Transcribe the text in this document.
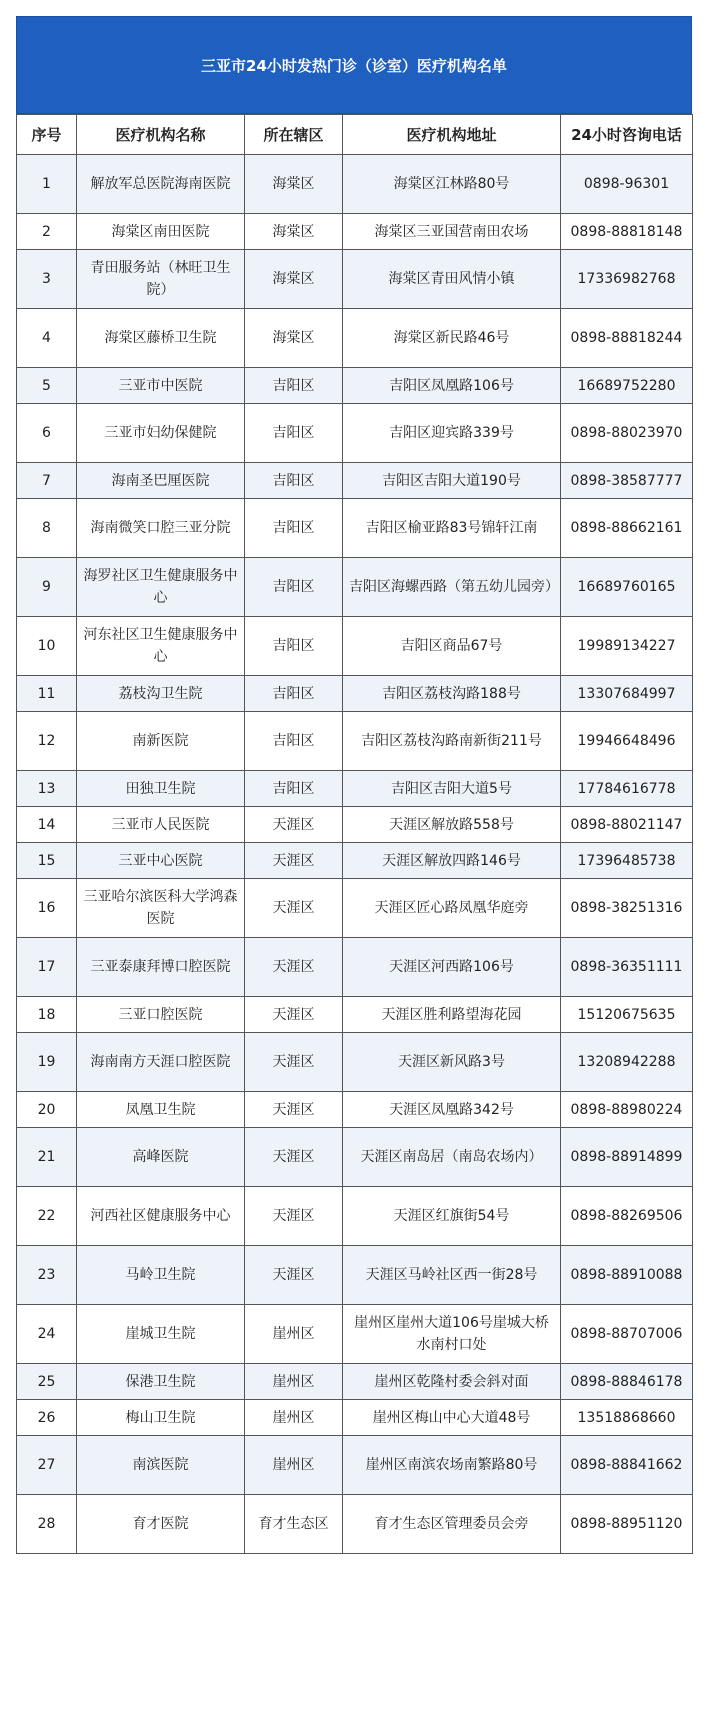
三亚市24小时发热门诊（诊室）医疗机构名单
序号	医疗机构名称	所在辖区	医疗机构地址	24小时咨询电话
1	解放军总医院海南医院	海棠区	海棠区江林路80号	0898-96301
2	海棠区南田医院	海棠区	海棠区三亚国营南田农场	0898-88818148
3	青田服务站（林旺卫生院）	海棠区	海棠区青田风情小镇	17336982768
4	海棠区藤桥卫生院	海棠区	海棠区新民路46号	0898-88818244
5	三亚市中医院	吉阳区	吉阳区凤凰路106号	16689752280
6	三亚市妇幼保健院	吉阳区	吉阳区迎宾路339号	0898-88023970
7	海南圣巴厘医院	吉阳区	吉阳区吉阳大道190号	0898-38587777
8	海南微笑口腔三亚分院	吉阳区	吉阳区榆亚路83号锦轩江南	0898-88662161
9	海罗社区卫生健康服务中心	吉阳区	吉阳区海螺西路（第五幼儿园旁）	16689760165
10	河东社区卫生健康服务中心	吉阳区	吉阳区商品67号	19989134227
11	荔枝沟卫生院	吉阳区	吉阳区荔枝沟路188号	13307684997
12	南新医院	吉阳区	吉阳区荔枝沟路南新街211号	19946648496
13	田独卫生院	吉阳区	吉阳区吉阳大道5号	17784616778
14	三亚市人民医院	天涯区	天涯区解放路558号	0898-88021147
15	三亚中心医院	天涯区	天涯区解放四路146号	17396485738
16	三亚哈尔滨医科大学鸿森医院	天涯区	天涯区匠心路凤凰华庭旁	0898-38251316
17	三亚泰康拜博口腔医院	天涯区	天涯区河西路106号	0898-36351111
18	三亚口腔医院	天涯区	天涯区胜利路望海花园	15120675635
19	海南南方天涯口腔医院	天涯区	天涯区新风路3号	13208942288
20	凤凰卫生院	天涯区	天涯区凤凰路342号	0898-88980224
21	高峰医院	天涯区	天涯区南岛居（南岛农场内）	0898-88914899
22	河西社区健康服务中心	天涯区	天涯区红旗街54号	0898-88269506
23	马岭卫生院	天涯区	天涯区马岭社区西一街28号	0898-88910088
24	崖城卫生院	崖州区	崖州区崖州大道106号崖城大桥水南村口处	0898-88707006
25	保港卫生院	崖州区	崖州区乾隆村委会斜对面	0898-88846178
26	梅山卫生院	崖州区	崖州区梅山中心大道48号	13518868660
27	南滨医院	崖州区	崖州区南滨农场南繁路80号	0898-88841662
28	育才医院	育才生态区	育才生态区管理委员会旁	0898-88951120
